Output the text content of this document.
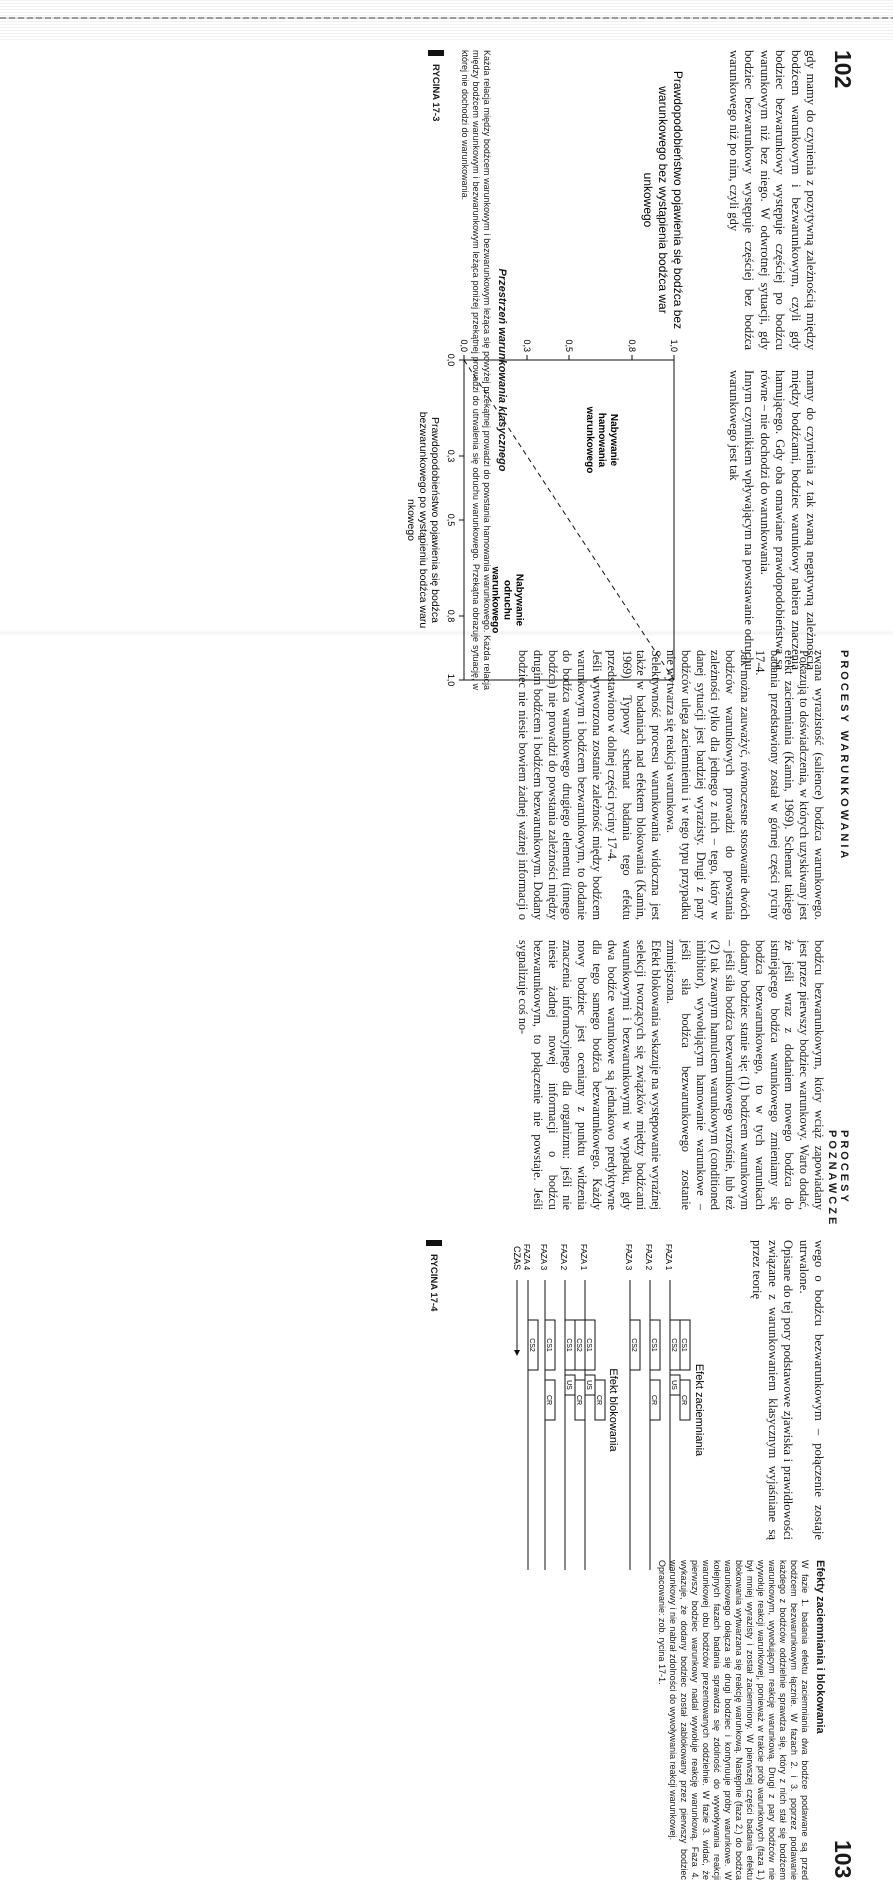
102
PROCESY POZNAWCZE
gdy mamy do czynienia z pozytywną zależnością między bodźcem warunkowym i bezwarunkowym, czyli gdy bodziec bezwarunkowy występuje częściej po bodźcu warunkowym niż bez niego. W odwrotnej sytuacji, gdy bodziec bezwarunkowy występuje częściej bez bodźca warunkowego niż po nim, czyli gdy
mamy do czynienia z tak zwaną negatywną zależnością między bodźcami, bodziec warunkowy nabiera znaczenia hamującego. Gdy oba omawiane prawdopodobieństwa są równe – nie dochodzi do warunkowania.
Innym czynnikiem wpływającym na powstawanie odruchu warunkowego jest tak
Prawdopodobieństwo pojawienia się bodźca bez
warunkowego bez wystąpienia bodźca war
unkowego
0,0
0,3
0,5
0,8
1,0
0,0	0,3	0,5	0,8	1,0
Nabywanie
hamowania
warunkowego
Nabywanie
odruchu
warunkowego
Prawdopodobieństwo pojawienia się bodźca
bezwarunkowego po wystąpieniu bodźca waru
nkowego
Przestrzeń warunkowania klasycznego
Każda relacja między bodźcem warunkowym i bezwarunkowym leżąca się powyżej przekątnej prowadzi do powstania hamowania warunkowego. Każda relacja między bodźcem warunkowym i bezwarunkowym leżąca poniżej przekątnej prowadzi do utrwalenia się odruchu warunkowego. Przekątna obrazuje sytuację, w której nie dochodzi do warunkowania.
RYCINA 17-3
103
PROCESY WARUNKOWANIA
zwana wyrazistość (salience) bodźca warunkowego. Pokazują to doświadczenia, w których uzyskiwany jest efekt zaciemniania (Kamin, 1969). Schemat takiego badania przedstawiony został w górnej części ryciny 17-4.
Jak można zauważyć, równoczesne stosowanie dwóch bodźców warunkowych prowadzi do powstania zależności tylko dla jednego z nich – tego, który w danej sytuacji jest bardziej wyrazisty. Drugi z pary bodźców ulega zaciemnieniu i w tego typu przypadku nie wytwarza się reakcja warunkowa.
Selektywność procesu warunkowania widoczna jest także w badaniach nad efektem blokowania (Kamin, 1969). Typowy schemat badania tego efektu przedstawiono w dolnej części ryciny 17-4.
Jeśli wytworzona zostanie zależność między bodźcem warunkowym i bodźcem bezwarunkowym, to dodanie do bodźca warunkowego drugiego elementu (innego bodźca) nie prowadzi do powstania zależności między drugim bodźcem i bodźcem bezwarunkowym. Dodany bodziec nie niesie bowiem żadnej ważnej informacji o bodźcu bezwarunkowym, który wciąż zapowiadany jest przez pierwszy bodziec warunkowy. Warto dodać, że jeśli wraz z dodaniem nowego bodźca do istniejącego bodźca warunkowego zmieniamy się bodźca bezwarunkowego, to w tych warunkach dodany bodziec stanie się: (1) bodźcem warunkowym – jeśli siła bodźca bezwarunkowego wzrośnie, lub też (2) tak zwanym hamulcem warunkowym (conditioned inhibitor), wywołującym hamowanie warunkowe – jeśli siła bodźca bezwarunkowego zostanie zmniejszona.
Efekt blokowania wskazuje na występowanie wyraźnej selekcji tworzących się związków między bodźcami warunkowymi i bezwarunkowymi w wypadku, gdy dwa bodźce warunkowe są jednakowo predyktywne dla tego samego bodźca bezwarunkowego. Każdy nowy bodziec jest oceniany z punktu widzenia znaczenia informacyjnego dla organizmu: jeśli nie niesie żadnej nowej informacji o bodźcu bezwarunkowym, to połączenie nie powstaje. Jeśli sygnalizuje coś no-
wego o bodźcu bezwarunkowym – połączenie zostaje utrwalone.
Opisane do tej pory podstawowe zjawiska i prawidłowości związane z warunkowaniem klasycznym wyjaśniane są przez teorię
Efekt zaciemniania
Efekt blokowania
FAZA 1
CS1
CS2
US
CR
FAZA 2
CS1
CR
FAZA 3
CS2
FAZA 1
CS1
US
CR
FAZA 2
CS2
CS1
US
CR
FAZA 3
CS1
CR
FAZA 4
CS2
CZAS
Efekty zaciemniania i blokowania
W fazie 1. badania efektu zaciemniania dwa bodźce podawane są przed bodźcem bezwarunkowym łącznie. W fazach 2. i 3. poprzez podawanie każdego z bodźców oddzielnie sprawdza się, który z nich stał się bodźcem warunkowym, wywołującym reakcję warunkową. Drugi z pary bodźców nie wywołuje reakcji warunkowej, ponieważ w trakcie prób warunkowych (faza 1.) był mniej wyrazisty i został zaciemniony. W pierwszej części badania efektu blokowania wytwarzana się reakcję warunkową. Następnie (faza 2.) do bodźca warunkowego dołącza się drugi bodziec i kontynuuje próby warunkowe. W kolejnych fazach badania sprawdza się zdolność do wywoływania reakcji warunkowej obu bodźców prezentowanych oddzielnie. W fazie 3. widać, że pierwszy bodziec warunkowy nadal wywołuje reakcję warunkową. Faza 4. wykazuje, że dodany bodziec został zablokowany przez pierwszy bodziec warunkowy i nie nabrał zdolności do wywoływania reakcji warunkowej.
Opracowanie: zob. rycina 17-1.
RYCINA 17-4
